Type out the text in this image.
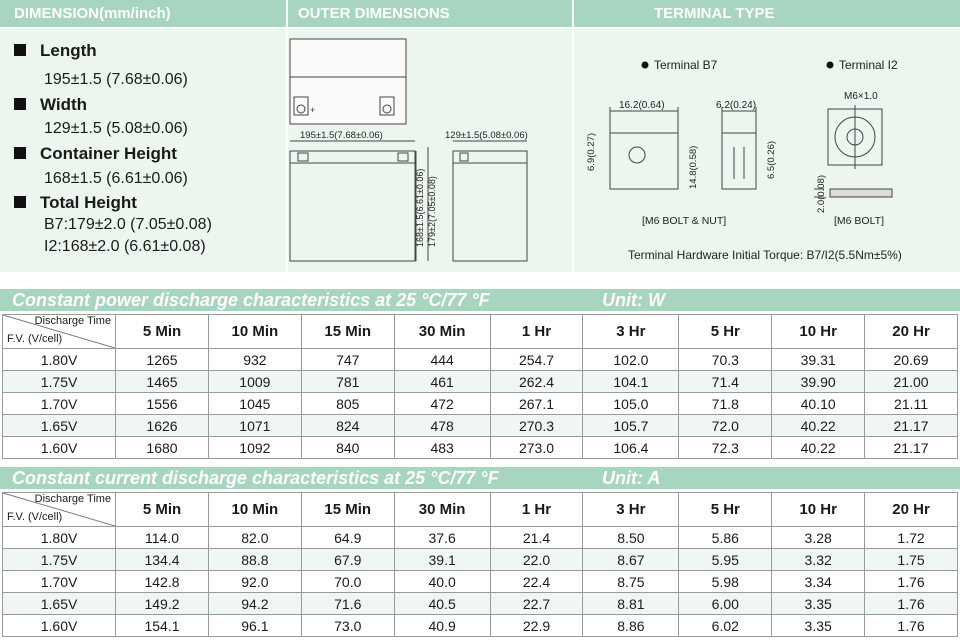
DIMENSION(mm/inch)	OUTER DIMENSIONS	TERMINAL TYPE
Length
195±1.5 (7.68±0.06)
Width
129±1.5 (5.08±0.06)
Container Height
168±1.5 (6.61±0.06)
Total Height
B7:179±2.0 (7.05±0.08)
I2:168±2.0 (6.61±0.08)
+
195±1.5(7.68±0.06)
168±1.5(6.61±0.06) 179±2(7.05±0.08)
129±1.5(5.08±0.06)
Terminal B7	Terminal I2
16.2(0.64)
6.9(0.27)	14.8(0.58)
6.2(0.24)
6.5(0.26)
[M6 BOLT & NUT]
M6×1.0
2.0(0.08)
[M6 BOLT]
Terminal Hardware Initial Torque: B7/I2(5.5Nm±5%)
Constant power discharge characteristics at 25 °C/77 °F	Unit: W
Discharge Time
F.V. (V/cell)	5 Min	10 Min	15 Min	30 Min	1 Hr	3 Hr	5 Hr	10 Hr	20 Hr
1.80V	1265	932	747	444	254.7	102.0	70.3	39.31	20.69
1.75V	1465	1009	781	461	262.4	104.1	71.4	39.90	21.00
1.70V	1556	1045	805	472	267.1	105.0	71.8	40.10	21.11
1.65V	1626	1071	824	478	270.3	105.7	72.0	40.22	21.17
1.60V	1680	1092	840	483	273.0	106.4	72.3	40.22	21.17
Constant current discharge characteristics at 25 °C/77 °F	Unit: A
Discharge Time
F.V. (V/cell)	5 Min	10 Min	15 Min	30 Min	1 Hr	3 Hr	5 Hr	10 Hr	20 Hr
1.80V	114.0	82.0	64.9	37.6	21.4	8.50	5.86	3.28	1.72
1.75V	134.4	88.8	67.9	39.1	22.0	8.67	5.95	3.32	1.75
1.70V	142.8	92.0	70.0	40.0	22.4	8.75	5.98	3.34	1.76
1.65V	149.2	94.2	71.6	40.5	22.7	8.81	6.00	3.35	1.76
1.60V	154.1	96.1	73.0	40.9	22.9	8.86	6.02	3.35	1.76
